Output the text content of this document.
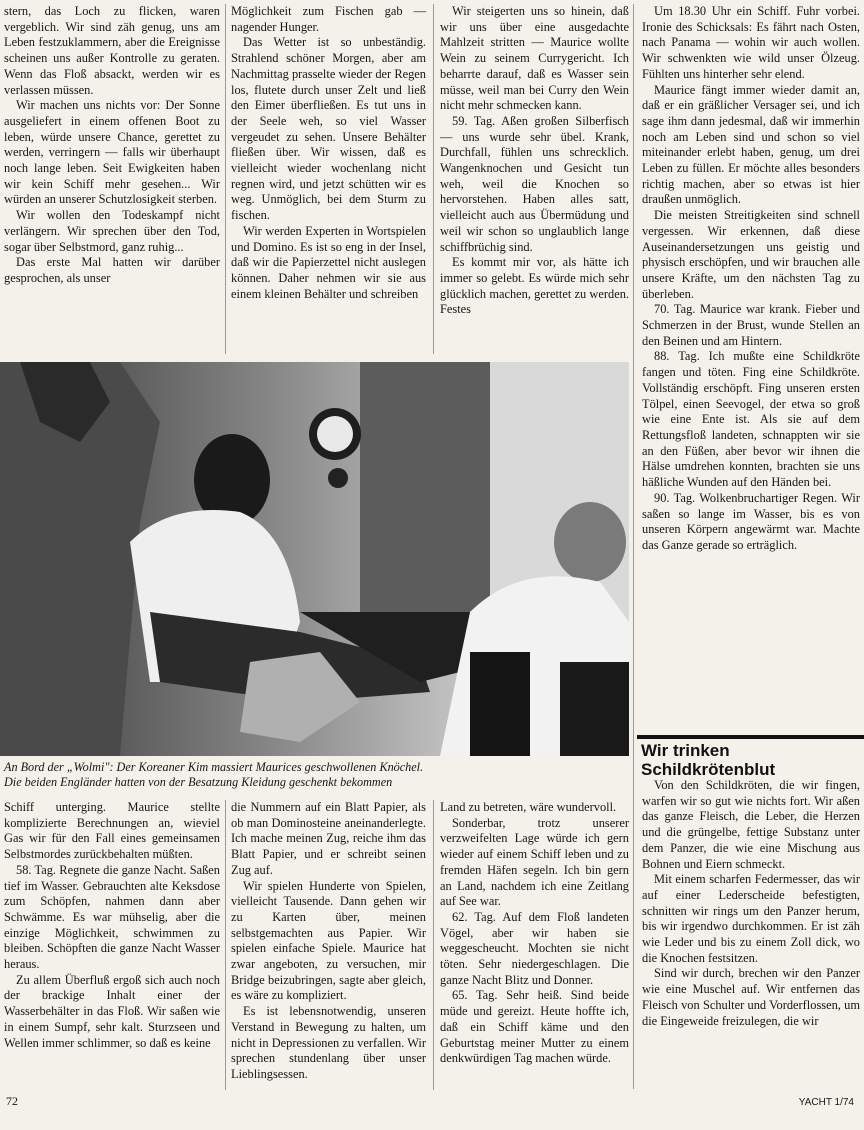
stern, das Loch zu flicken, waren vergeblich. Wir sind zäh genug, uns am Leben festzuklammern, aber die Ereignisse scheinen uns außer Kontrolle zu geraten. Wenn das Floß absackt, werden wir es verlassen müssen.

Wir machen uns nichts vor: Der Sonne ausgeliefert in einem offenen Boot zu leben, würde unsere Chance, gerettet zu werden, verringern — falls wir überhaupt noch lange leben. Seit Ewigkeiten haben wir kein Schiff mehr gesehen... Wir würden an unserer Schutzlosigkeit sterben.

Wir wollen den Todeskampf nicht verlängern. Wir sprechen über den Tod, sogar über Selbstmord, ganz ruhig...

Das erste Mal hatten wir darüber gesprochen, als unser

Möglichkeit zum Fischen gab — nagender Hunger.

Das Wetter ist so unbeständig. Strahlend schöner Morgen, aber am Nachmittag prasselte wieder der Regen los, flutete durch unser Zelt und ließ den Eimer überfließen. Es tut uns in der Seele weh, so viel Wasser vergeudet zu sehen. Unsere Behälter fließen über. Wir wissen, daß es vielleicht wieder wochenlang nicht regnen wird, und jetzt schütten wir es weg. Unmöglich, bei dem Sturm zu fischen.

Wir werden Experten in Wortspielen und Domino. Es ist so eng in der Insel, daß wir die Papierzettel nicht auslegen können. Daher nehmen wir sie aus einem kleinen Behälter und schreiben

Wir steigerten uns so hinein, daß wir uns über eine ausgedachte Mahlzeit stritten — Maurice wollte Wein zu seinem Currygericht. Ich beharrte darauf, daß es Wasser sein müsse, weil man bei Curry den Wein nicht mehr schmecken kann.

59. Tag. Aßen großen Silberfisch — uns wurde sehr übel. Krank, Durchfall, fühlen uns schrecklich. Wangenknochen und Gesicht tun weh, weil die Knochen so hervorstehen. Haben alles satt, vielleicht auch aus Übermüdung und weil wir schon so unglaublich lange schiffbrüchig sind.

Es kommt mir vor, als hätte ich immer so gelebt. Es würde mich sehr glücklich machen, gerettet zu werden. Festes

Um 18.30 Uhr ein Schiff. Fuhr vorbei. Ironie des Schicksals: Es fährt nach Osten, nach Panama — wohin wir auch wollen. Wir schwenkten wie wild unser Ölzeug. Fühlten uns hinterher sehr elend.

Maurice fängt immer wieder damit an, daß er ein gräßlicher Versager sei, und ich sage ihm dann jedesmal, daß wir immerhin noch am Leben sind und schon so viel miteinander erlebt haben, genug, um drei Leben zu füllen. Er möchte alles besonders richtig machen, aber so etwas ist hier draußen unmöglich.

Die meisten Streitigkeiten sind schnell vergessen. Wir erkennen, daß diese Auseinandersetzungen uns geistig und physisch erschöpfen, und wir brauchen alle unsere Kräfte, um den nächsten Tag zu überleben.

70. Tag. Maurice war krank. Fieber und Schmerzen in der Brust, wunde Stellen an den Beinen und am Hintern.

88. Tag. Ich mußte eine Schildkröte fangen und töten. Fing eine Schildkröte. Vollständig erschöpft. Fing unseren ersten Tölpel, einen Seevogel, der etwa so groß wie eine Ente ist. Als sie auf dem Rettungsfloß landeten, schnappten wir sie an den Füßen, aber bevor wir ihnen die Hälse umdrehen konnten, brachten sie uns häßliche Wunden auf den Händen bei.

90. Tag. Wolkenbruchartiger Regen. Wir saßen so lange im Wasser, bis es von unseren Körpern angewärmt war. Machte das Ganze gerade so erträglich.

An Bord der „Wolmi": Der Koreaner Kim massiert Maurices geschwollenen Knöchel.
Die beiden Engländer hatten von der Besatzung Kleidung geschenkt bekommen
Wir trinken
Schildkrötenblut

Von den Schildkröten, die wir fingen, warfen wir so gut wie nichts fort. Wir aßen das ganze Fleisch, die Leber, die Herzen und die grüngelbe, fettige Substanz unter dem Panzer, die wie eine Mischung aus Bohnen und Eiern schmeckt.

Mit einem scharfen Federmesser, das wir auf einer Lederscheide befestigten, schnitten wir rings um den Panzer herum, bis wir irgendwo durchkommen. Er ist zäh wie Leder und bis zu einem Zoll dick, wo die Knochen festsitzen.

Sind wir durch, brechen wir den Panzer wie eine Muschel auf. Wir entfernen das Fleisch von Schulter und Vorderflossen, um die Eingeweide freizulegen, die wir

Schiff unterging. Maurice stellte komplizierte Berechnungen an, wieviel Gas wir für den Fall eines gemeinsamen Selbstmordes zurückbehalten müßten.

58. Tag. Regnete die ganze Nacht. Saßen tief im Wasser. Gebrauchten alte Keksdose zum Schöpfen, nahmen dann aber Schwämme. Es war mühselig, aber die einzige Möglichkeit, schwimmen zu bleiben. Schöpften die ganze Nacht Wasser heraus.

Zu allem Überfluß ergoß sich auch noch der brackige Inhalt einer der Wasserbehälter in das Floß. Wir saßen wie in einem Sumpf, sehr kalt. Sturzseen und Wellen immer schlimmer, so daß es keine

die Nummern auf ein Blatt Papier, als ob man Dominosteine aneinanderlegte. Ich mache meinen Zug, reiche ihm das Blatt Papier, und er schreibt seinen Zug auf.

Wir spielen Hunderte von Spielen, vielleicht Tausende. Dann gehen wir zu Karten über, meinen selbstgemachten aus Papier. Wir spielen einfache Spiele. Maurice hat zwar angeboten, zu versuchen, mir Bridge beizubringen, sagte aber gleich, es wäre zu kompliziert.

Es ist lebensnotwendig, unseren Verstand in Bewegung zu halten, um nicht in Depressionen zu verfallen. Wir sprechen stundenlang über unser Lieblingsessen.

Land zu betreten, wäre wundervoll.

Sonderbar, trotz unserer verzweifelten Lage würde ich gern wieder auf einem Schiff leben und zu fremden Häfen segeln. Ich bin gern an Land, nachdem ich eine Zeitlang auf See war.

62. Tag. Auf dem Floß landeten Vögel, aber wir haben sie weggescheucht. Mochten sie nicht töten. Sehr niedergeschlagen. Die ganze Nacht Blitz und Donner.

65. Tag. Sehr heiß. Sind beide müde und gereizt. Heute hoffte ich, daß ein Schiff käme und den Geburtstag meiner Mutter zu einem denkwürdigen Tag machen würde.

72	YACHT 1/74
